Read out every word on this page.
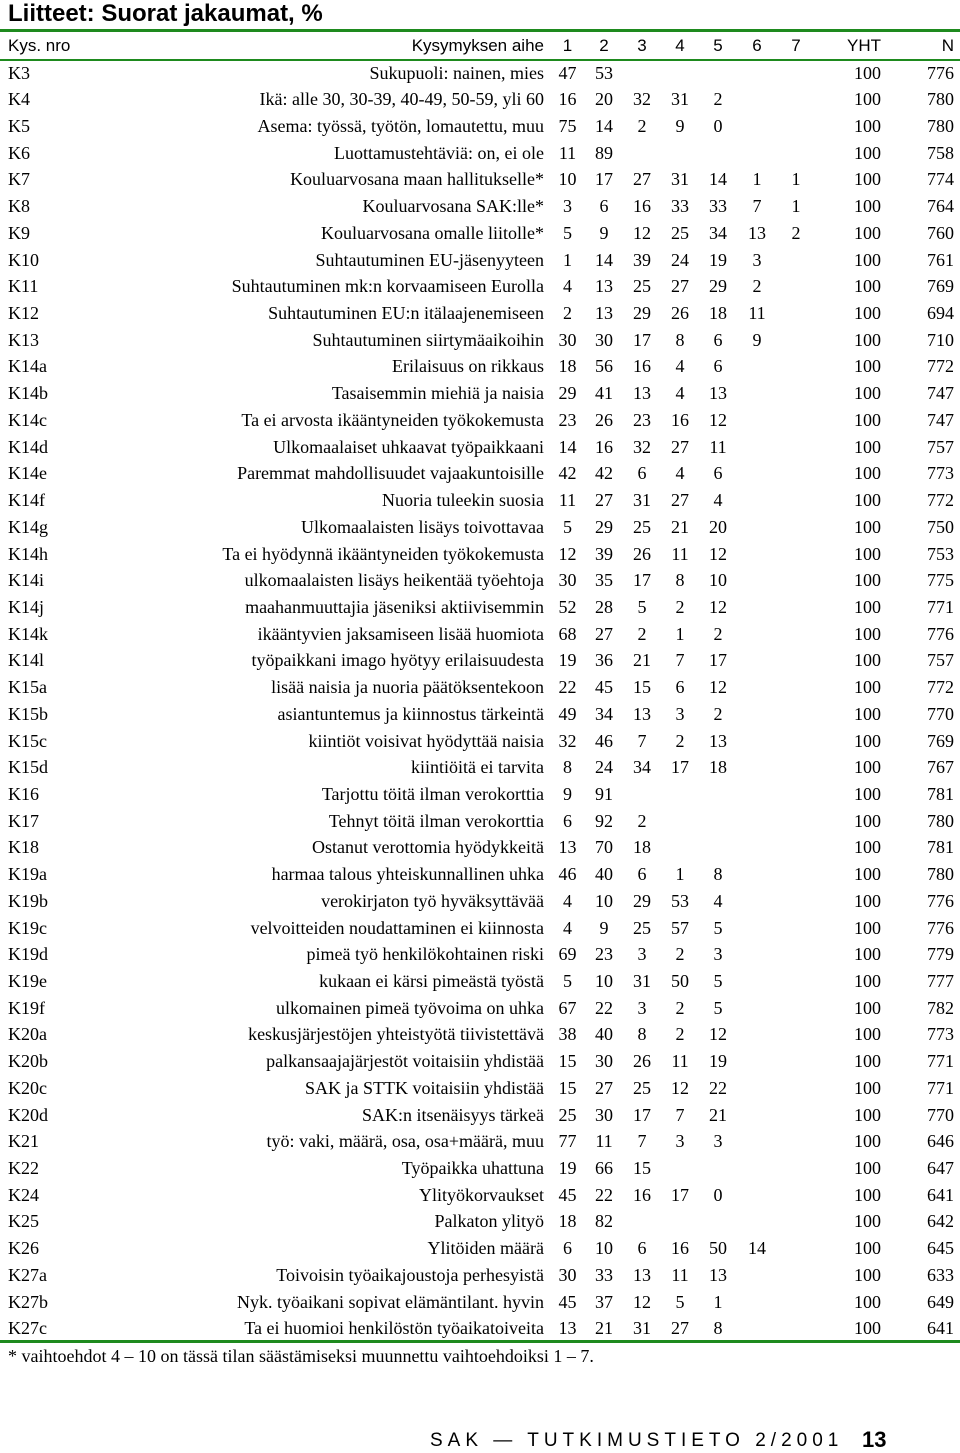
Liitteet: Suorat jakaumat, %
Kys. nro	Kysymyksen aihe	1	2	3	4	5	6	7	YHT	N
K3	Sukupuoli: nainen, mies	47	53						100	776
K4	Ikä: alle 30, 30-39, 40-49, 50-59, yli 60	16	20	32	31	2			100	780
K5	Asema: työssä, työtön, lomautettu, muu	75	14	2	9	0			100	780
K6	Luottamustehtäviä: on, ei ole	11	89						100	758
K7	Kouluarvosana maan hallitukselle*	10	17	27	31	14	1	1	100	774
K8	Kouluarvosana SAK:lle*	3	6	16	33	33	7	1	100	764
K9	Kouluarvosana omalle liitolle*	5	9	12	25	34	13	2	100	760
K10	Suhtautuminen EU-jäsenyyteen	1	14	39	24	19	3		100	761
K11	Suhtautuminen mk:n korvaamiseen Eurolla	4	13	25	27	29	2		100	769
K12	Suhtautuminen EU:n itälaajenemiseen	2	13	29	26	18	11		100	694
K13	Suhtautuminen siirtymäaikoihin	30	30	17	8	6	9		100	710
K14a	Erilaisuus on rikkaus	18	56	16	4	6			100	772
K14b	Tasaisemmin miehiä ja naisia	29	41	13	4	13			100	747
K14c	Ta ei arvosta ikääntyneiden työkokemusta	23	26	23	16	12			100	747
K14d	Ulkomaalaiset uhkaavat työpaikkaani	14	16	32	27	11			100	757
K14e	Paremmat mahdollisuudet vajaakuntoisille	42	42	6	4	6			100	773
K14f	Nuoria tuleekin suosia	11	27	31	27	4			100	772
K14g	Ulkomaalaisten lisäys toivottavaa	5	29	25	21	20			100	750
K14h	Ta ei hyödynnä ikääntyneiden työkokemusta	12	39	26	11	12			100	753
K14i	ulkomaalaisten lisäys heikentää työehtoja	30	35	17	8	10			100	775
K14j	maahanmuuttajia jäseniksi aktiivisemmin	52	28	5	2	12			100	771
K14k	ikääntyvien jaksamiseen lisää huomiota	68	27	2	1	2			100	776
K14l	työpaikkani imago hyötyy erilaisuudesta	19	36	21	7	17			100	757
K15a	lisää naisia ja nuoria päätöksentekoon	22	45	15	6	12			100	772
K15b	asiantuntemus ja kiinnostus tärkeintä	49	34	13	3	2			100	770
K15c	kiintiöt voisivat hyödyttää naisia	32	46	7	2	13			100	769
K15d	kiintiöitä ei tarvita	8	24	34	17	18			100	767
K16	Tarjottu töitä ilman verokorttia	9	91						100	781
K17	Tehnyt töitä ilman verokorttia	6	92	2					100	780
K18	Ostanut verottomia hyödykkeitä	13	70	18					100	781
K19a	harmaa talous yhteiskunnallinen uhka	46	40	6	1	8			100	780
K19b	verokirjaton työ hyväksyttävää	4	10	29	53	4			100	776
K19c	velvoitteiden noudattaminen ei kiinnosta	4	9	25	57	5			100	776
K19d	pimeä työ henkilökohtainen riski	69	23	3	2	3			100	779
K19e	kukaan ei kärsi pimeästä työstä	5	10	31	50	5			100	777
K19f	ulkomainen pimeä työvoima on uhka	67	22	3	2	5			100	782
K20a	keskusjärjestöjen yhteistyötä tiivistettävä	38	40	8	2	12			100	773
K20b	palkansaajajärjestöt voitaisiin yhdistää	15	30	26	11	19			100	771
K20c	SAK ja STTK voitaisiin yhdistää	15	27	25	12	22			100	771
K20d	SAK:n itsenäisyys tärkeä	25	30	17	7	21			100	770
K21	työ: vaki, määrä, osa, osa+määrä, muu	77	11	7	3	3			100	646
K22	Työpaikka uhattuna	19	66	15					100	647
K24	Ylityökorvaukset	45	22	16	17	0			100	641
K25	Palkaton ylityö	18	82						100	642
K26	Ylitöiden määrä	6	10	6	16	50	14		100	645
K27a	Toivoisin työaikajoustoja perhesyistä	30	33	13	11	13			100	633
K27b	Nyk. työaikani sopivat elämäntilant. hyvin	45	37	12	5	1			100	649
K27c	Ta ei huomioi henkilöstön työaikatoiveita	13	21	31	27	8			100	641
* vaihtoehdot 4 – 10 on tässä tilan säästämiseksi muunnettu vaihtoehdoiksi 1 – 7.
SAK — TUTKIMUSTIETO 2/2001 13
